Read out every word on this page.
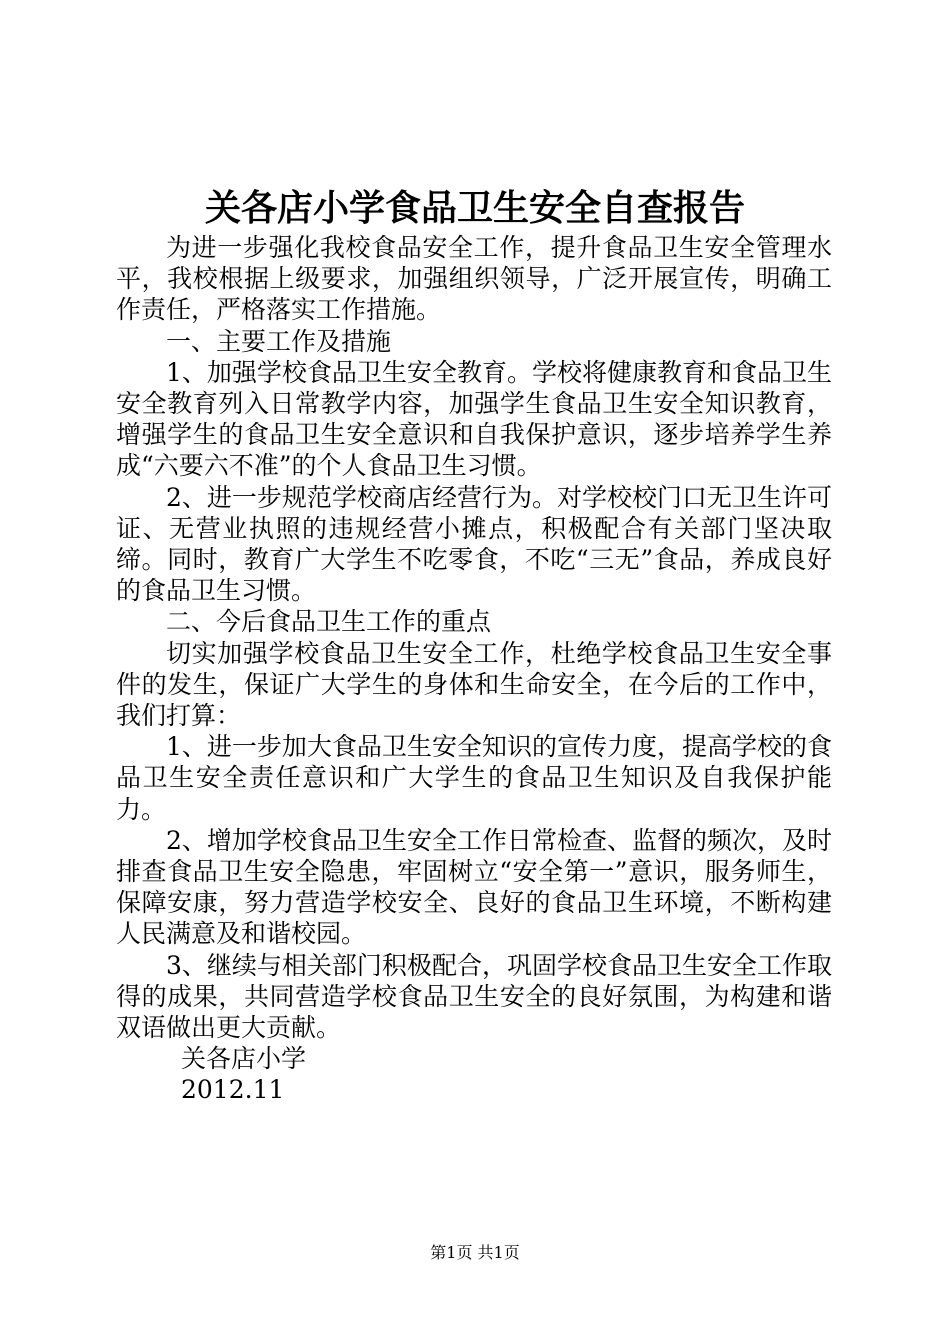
关各店小学食品卫生安全自查报告

为进一步强化我校食品安全工作，提升食品卫生安全管理水平，我校根据上级要求，加强组织领导，广泛开展宣传，明确工作责任，严格落实工作措施。

一、主要工作及措施

1、加强学校食品卫生安全教育。学校将健康教育和食品卫生安全教育列入日常教学内容，加强学生食品卫生安全知识教育，增强学生的食品卫生安全意识和自我保护意识，逐步培养学生养成“六要六不准”的个人食品卫生习惯。

2、进一步规范学校商店经营行为。对学校校门口无卫生许可证、无营业执照的违规经营小摊点，积极配合有关部门坚决取缔。同时，教育广大学生不吃零食，不吃“三无”食品，养成良好的食品卫生习惯。

二、今后食品卫生工作的重点

切实加强学校食品卫生安全工作，杜绝学校食品卫生安全事件的发生，保证广大学生的身体和生命安全，在今后的工作中，我们打算：

1、进一步加大食品卫生安全知识的宣传力度，提高学校的食品卫生安全责任意识和广大学生的食品卫生知识及自我保护能力。

2、增加学校食品卫生安全工作日常检查、监督的频次，及时排查食品卫生安全隐患，牢固树立“安全第一”意识，服务师生，保障安康，努力营造学校安全、良好的食品卫生环境，不断构建人民满意及和谐校园。

3、继续与相关部门积极配合，巩固学校食品卫生安全工作取得的成果，共同营造学校食品卫生安全的良好氛围，为构建和谐双语做出更大贡献。

关各店小学

2012.11

第1页 共1页
